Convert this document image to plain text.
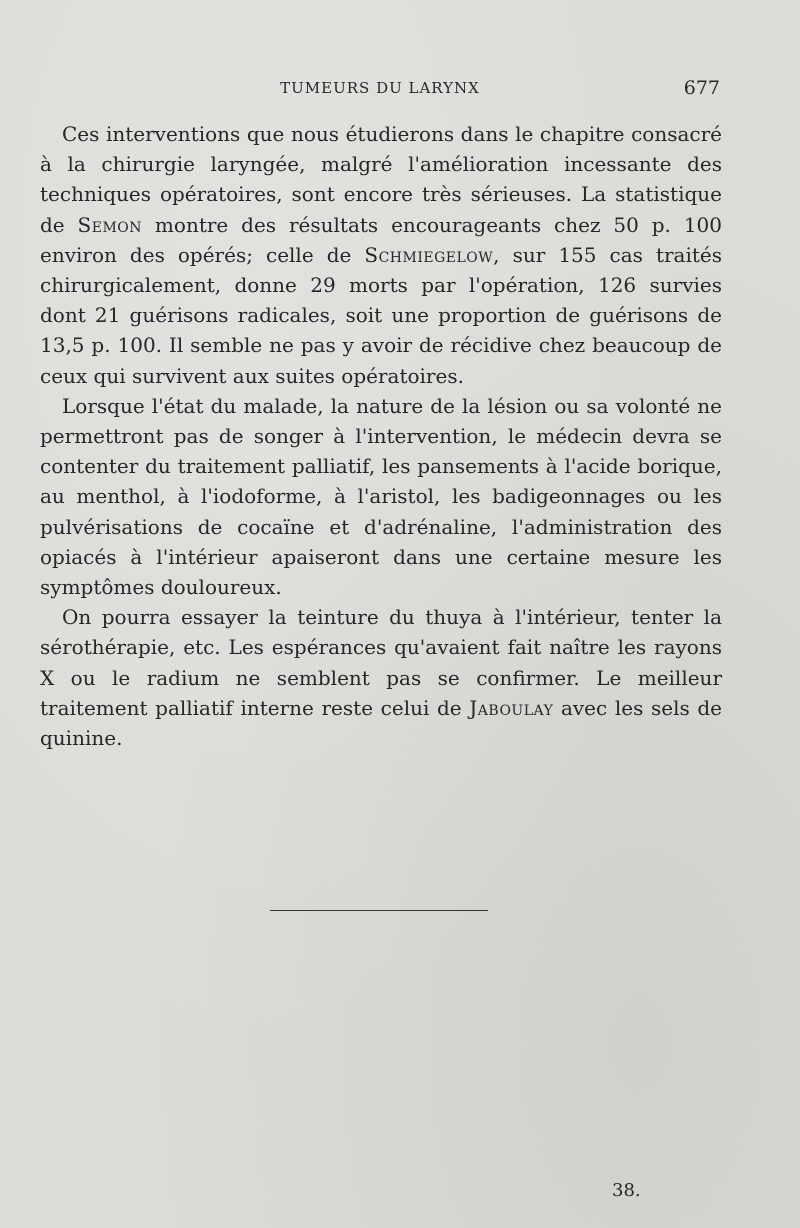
TUMEURS DU LARYNX	677

Ces interventions que nous étudierons dans le chapitre consacré à la chirurgie laryngée, malgré l'amélioration incessante des techniques opératoires, sont encore très sérieuses. La statistique de Semon montre des résultats encourageants chez 50 p. 100 environ des opérés; celle de Schmiegelow, sur 155 cas traités chirurgicalement, donne 29 morts par l'opération, 126 survies dont 21 guérisons radicales, soit une proportion de guérisons de 13,5 p. 100. Il semble ne pas y avoir de récidive chez beaucoup de ceux qui survivent aux suites opératoires.

Lorsque l'état du malade, la nature de la lésion ou sa volonté ne permettront pas de songer à l'intervention, le médecin devra se contenter du traitement palliatif, les pansements à l'acide borique, au menthol, à l'iodoforme, à l'aristol, les badigeonnages ou les pulvérisations de cocaïne et d'adrénaline, l'administration des opiacés à l'intérieur apaiseront dans une certaine mesure les symptômes douloureux.

On pourra essayer la teinture du thuya à l'intérieur, tenter la sérothérapie, etc. Les espérances qu'avaient fait naître les rayons X ou le radium ne semblent pas se confirmer. Le meilleur traitement palliatif interne reste celui de Jaboulay avec les sels de quinine.

38.
